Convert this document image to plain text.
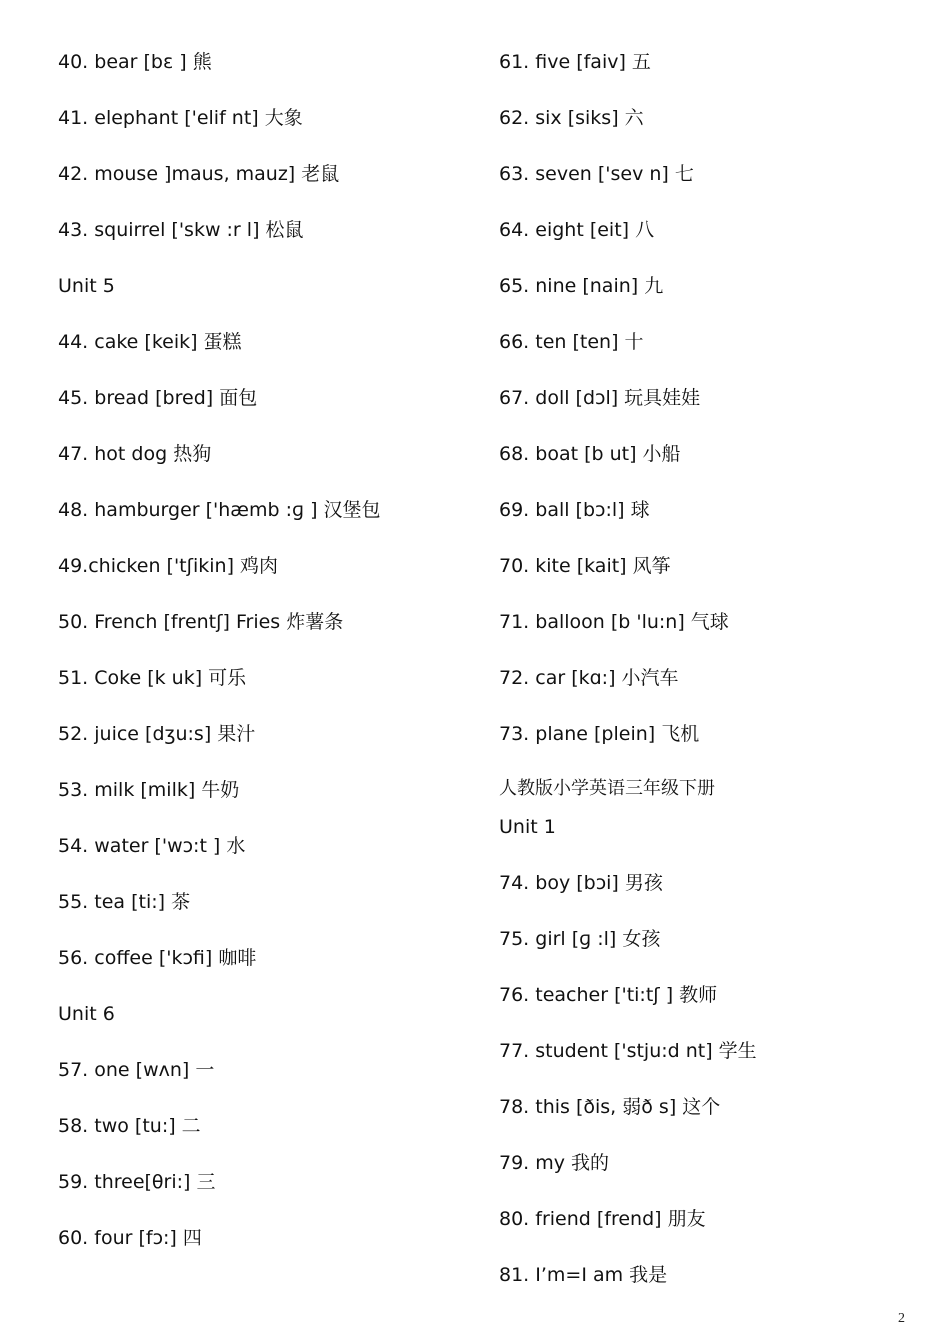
40. bear [bɛ ] 熊
41. elephant ['elif nt] 大象
42. mouse ]maus, mauz] 老鼠
43. squirrel ['skw :r l] 松鼠
Unit 5
44. cake [keik] 蛋糕
45. bread [bred] 面包
47. hot dog 热狗
48. hamburger ['hæmb :ɡ ] 汉堡包
49.chicken ['tʃikin] 鸡肉
50. French [frentʃ] Fries 炸薯条
51. Coke [k uk] 可乐
52. juice [dʒu:s] 果汁
53. milk [milk] 牛奶
54. water ['wɔ:t ] 水
55. tea [ti:] 茶
56. coffee ['kɔfi] 咖啡
Unit 6
57. one [wʌn] 一
58. two [tu:] 二
59. three[θri:] 三
60. four [fɔ:] 四
61. five [faiv] 五
62. six [siks] 六
63. seven ['sev n] 七
64. eight [eit] 八
65. nine [nain] 九
66. ten [ten] 十
67. doll [dɔl] 玩具娃娃
68. boat [b ut] 小船
69. ball [bɔ:l] 球
70. kite [kait] 风筝
71. balloon [b 'lu:n] 气球
72. car [kɑ:] 小汽车
73. plane [plein] 飞机
人教版小学英语三年级下册
Unit 1
74. boy [bɔi] 男孩
75. girl [ɡ :l] 女孩
76. teacher ['ti:tʃ ] 教师
77. student ['stju:d nt] 学生
78. this [ðis, 弱ð s] 这个
79. my 我的
80. friend [frend] 朋友
81. I’m=I am 我是
2
